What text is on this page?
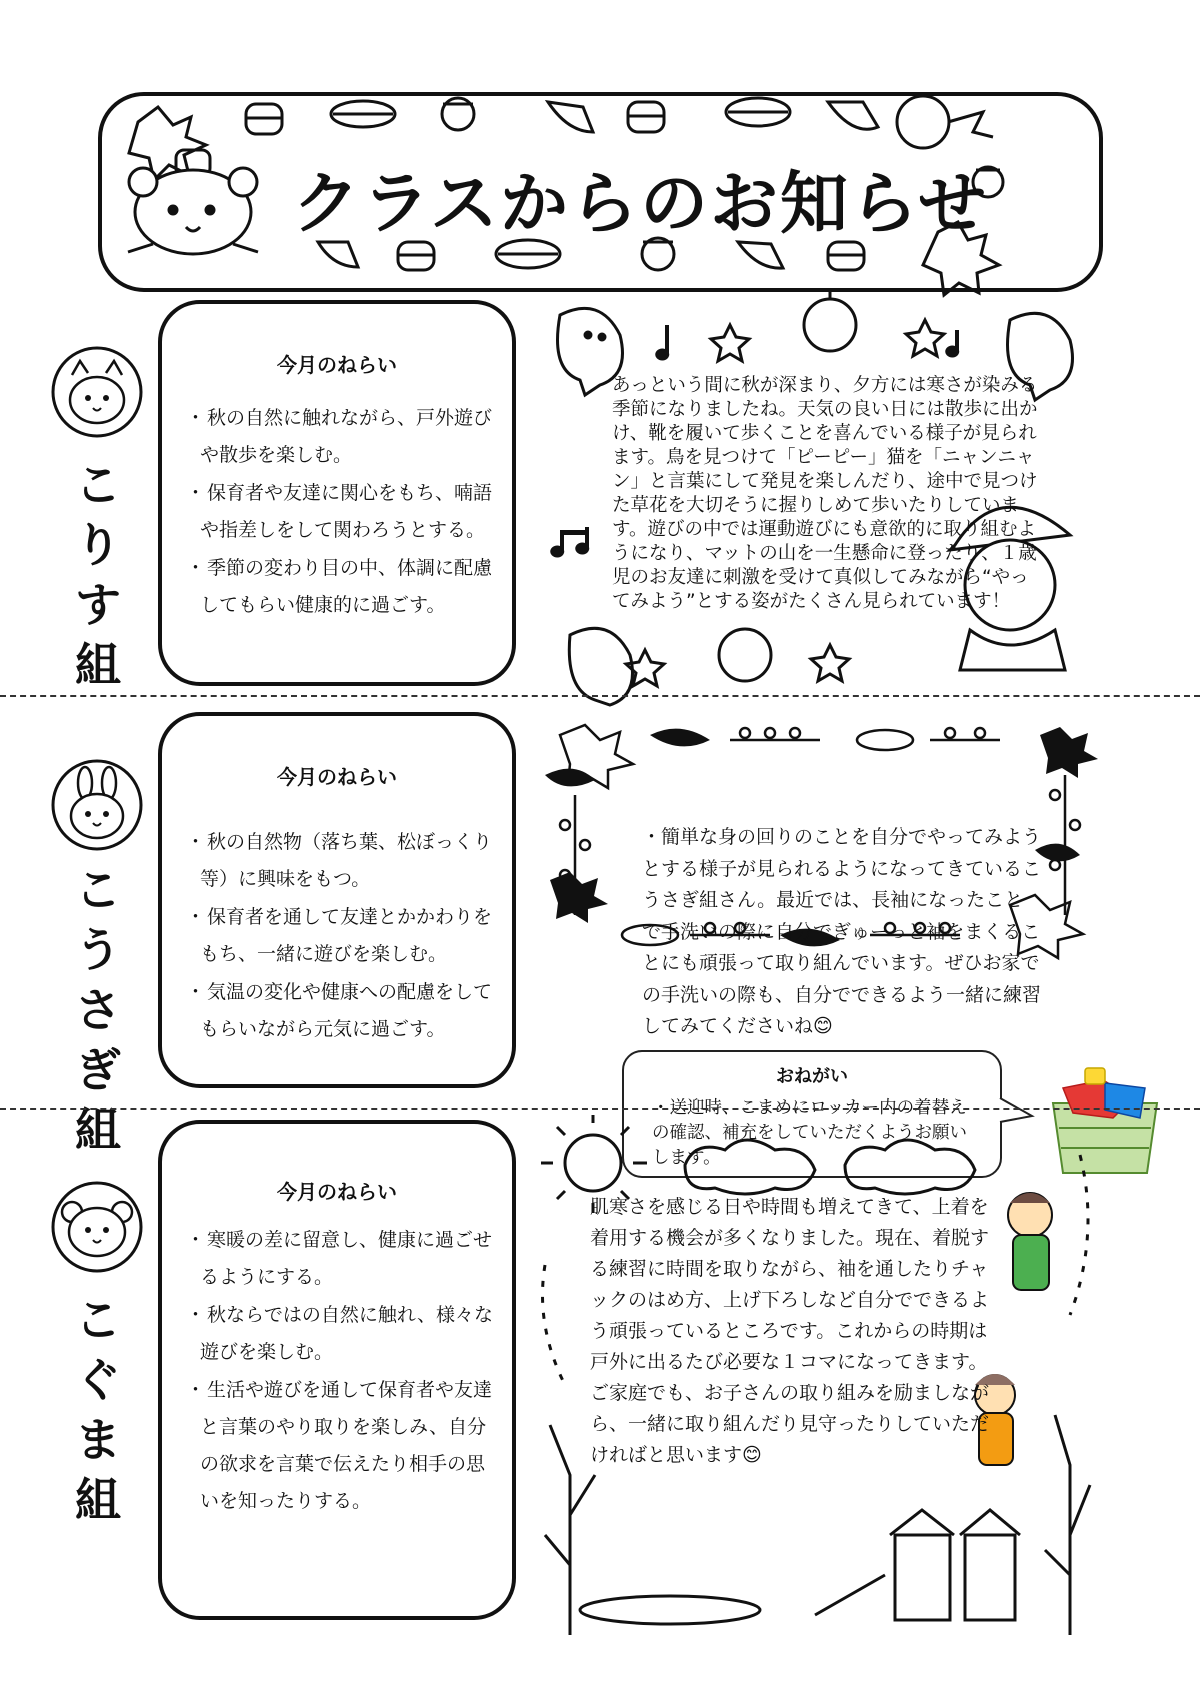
クラスからのお知らせ
こりす組
今月のねらい
・ 秋の自然に触れながら、戸外遊びや散歩を楽しむ。
・ 保育者や友達に関心をもち、喃語や指差しをして関わろうとする。
・ 季節の変わり目の中、体調に配慮してもらい健康的に過ごす。
あっという間に秋が深まり、夕方には寒さが染みる季節になりましたね。天気の良い日には散歩に出かけ、靴を履いて歩くことを喜んでいる様子が見られます。鳥を見つけて「ピーピー」猫を「ニャンニャン」と言葉にして発見を楽しんだり、途中で見つけた草花を大切そうに握りしめて歩いたりしています。遊びの中では運動遊びにも意欲的に取り組むようになり、マットの山を一生懸命に登ったり、１歳児のお友達に刺激を受けて真似してみながら“やってみよう”とする姿がたくさん見られています！
こうさぎ組
今月のねらい
・ 秋の自然物（落ち葉、松ぼっくり等）に興味をもつ。
・ 保育者を通して友達とかかわりをもち、一緒に遊びを楽しむ。
・ 気温の変化や健康への配慮をしてもらいながら元気に過ごす。
・簡単な身の回りのことを自分でやってみようとする様子が見られるようになってきているこうさぎ組さん。最近では、長袖になったことで手洗いの際に自分でぎゅーっと袖をまくることにも頑張って取り組んでいます。ぜひお家での手洗いの際も、自分でできるよう一緒に練習してみてくださいね😊
おねがい
・送迎時、こまめにロッカー内の着替えの確認、補充をしていただくようお願いします。
こぐま組
今月のねらい
・ 寒暖の差に留意し、健康に過ごせるようにする。
・ 秋ならではの自然に触れ、様々な遊びを楽しむ。
・ 生活や遊びを通して保育者や友達と言葉のやり取りを楽しみ、自分の欲求を言葉で伝えたり相手の思いを知ったりする。
肌寒さを感じる日や時間も増えてきて、上着を着用する機会が多くなりました。現在、着脱する練習に時間を取りながら、袖を通したりチャックのはめ方、上げ下ろしなど自分でできるよう頑張っているところです。これからの時期は戸外に出るたび必要な１コマになってきます。ご家庭でも、お子さんの取り組みを励ましながら、一緒に取り組んだり見守ったりしていただければと思います😊
